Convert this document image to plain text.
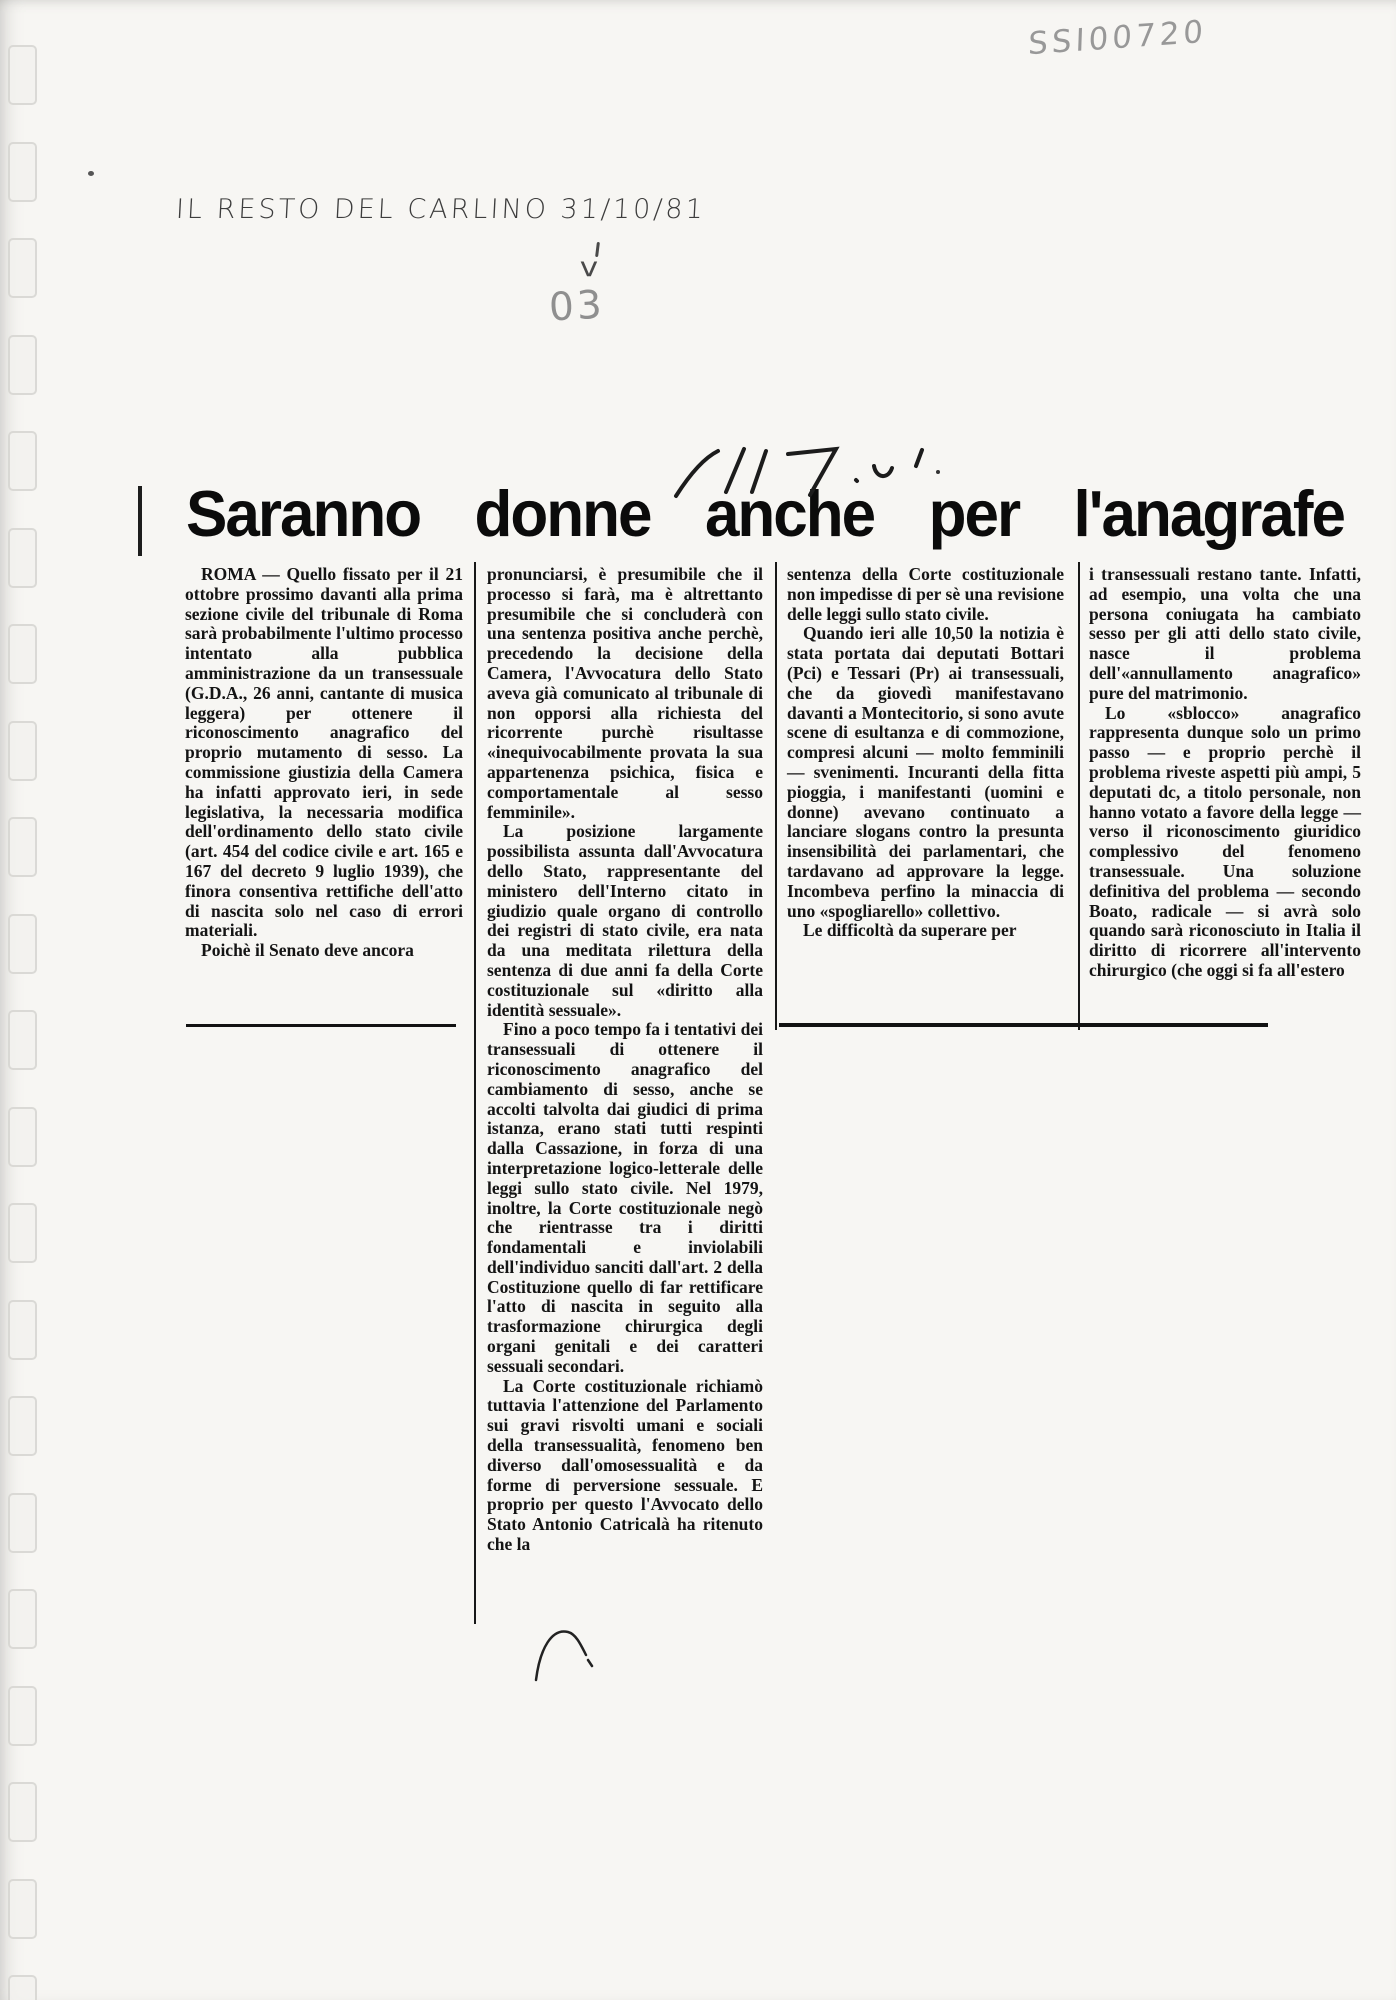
SSI00720
IL RESTO DEL CARLINO 31/10/81
v
03
Saranno donne anche per l'anagrafe

ROMA — Quello fissato per il 21 ottobre prossimo davanti alla prima sezione civile del tribunale di Roma sarà probabilmente l'ultimo processo intentato alla pubblica amministrazione da un transessuale (G.D.A., 26 anni, cantante di musica leggera) per ottenere il riconoscimento anagrafico del proprio mutamento di sesso. La commissione giustizia della Camera ha infatti approvato ieri, in sede legislativa, la necessaria modifica dell'ordinamento dello stato civile (art. 454 del codice civile e art. 165 e 167 del decreto 9 luglio 1939), che finora consentiva rettifiche dell'atto di nascita solo nel caso di errori materiali.

Poichè il Senato deve ancora

pronunciarsi, è presumibile che il processo si farà, ma è altrettanto presumibile che si concluderà con una sentenza positiva anche perchè, precedendo la decisione della Camera, l'Avvocatura dello Stato aveva già comunicato al tribunale di non opporsi alla richiesta del ricorrente purchè risultasse «inequivocabilmente provata la sua appartenenza psichica, fisica e comportamentale al sesso femminile».

La posizione largamente possibilista assunta dall'Avvocatura dello Stato, rappresentante del ministero dell'Interno citato in giudizio quale organo di controllo dei registri di stato civile, era nata da una meditata rilettura della sentenza di due anni fa della Corte costituzionale sul «diritto alla identità sessuale».

Fino a poco tempo fa i tentativi dei transessuali di ottenere il riconoscimento anagrafico del cambiamento di sesso, anche se accolti talvolta dai giudici di prima istanza, erano stati tutti respinti dalla Cassazione, in forza di una interpretazione logico-letterale delle leggi sullo stato civile. Nel 1979, inoltre, la Corte costituzionale negò che rientrasse tra i diritti fondamentali e inviolabili dell'individuo sanciti dall'art. 2 della Costituzione quello di far rettificare l'atto di nascita in seguito alla trasformazione chirurgica degli organi genitali e dei caratteri sessuali secondari.

La Corte costituzionale richiamò tuttavia l'attenzione del Parlamento sui gravi risvolti umani e sociali della transessualità, fenomeno ben diverso dall'omosessualità e da forme di perversione sessuale. E proprio per questo l'Avvocato dello Stato Antonio Catricalà ha ritenuto che la

sentenza della Corte costituzionale non impedisse di per sè una revisione delle leggi sullo stato civile.

Quando ieri alle 10,50 la notizia è stata portata dai deputati Bottari (Pci) e Tessari (Pr) ai transessuali, che da giovedì manifestavano davanti a Montecitorio, si sono avute scene di esultanza e di commozione, compresi alcuni — molto femminili — svenimenti. Incuranti della fitta pioggia, i manifestanti (uomini e donne) avevano continuato a lanciare slogans contro la presunta insensibilità dei parlamentari, che tardavano ad approvare la legge. Incombeva perfino la minaccia di uno «spogliarello» collettivo.

Le difficoltà da superare per

i transessuali restano tante. Infatti, ad esempio, una volta che una persona coniugata ha cambiato sesso per gli atti dello stato civile, nasce il problema dell'«annullamento anagrafico» pure del matrimonio.

Lo «sblocco» anagrafico rappresenta dunque solo un primo passo — e proprio perchè il problema riveste aspetti più ampi, 5 deputati dc, a titolo personale, non hanno votato a favore della legge — verso il riconoscimento giuridico complessivo del fenomeno transessuale. Una soluzione definitiva del problema — secondo Boato, radicale — si avrà solo quando sarà riconosciuto in Italia il diritto di ricorrere all'intervento chirurgico (che oggi si fa all'estero
